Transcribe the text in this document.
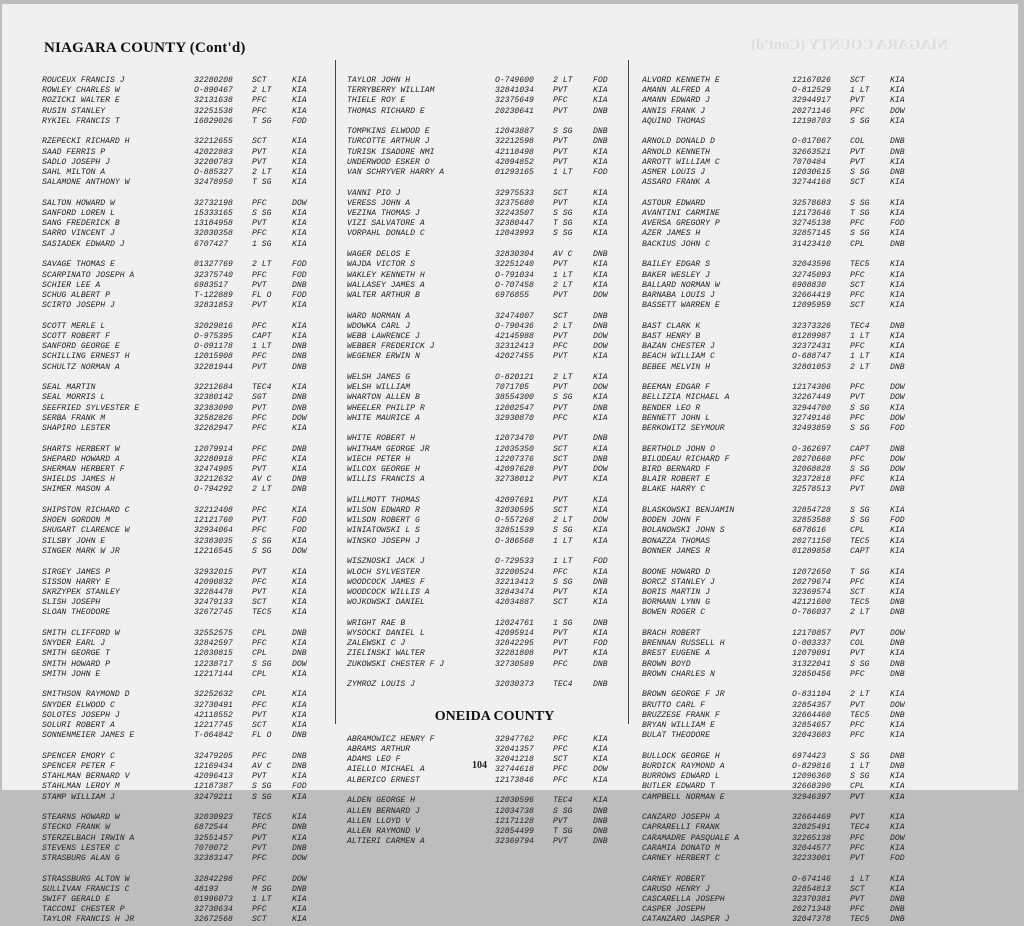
NIAGARA COUNTY (Cont'd)	NIAGARA COUNTY (Cont'd)
ROUCEUX FRANCIS J	32280208	SCT	KIA
ROWLEY CHARLES W	O-890467	2 LT	KIA
ROZICKI WALTER E	32131638	PFC	KIA
RUSIN STANLEY	32251538	PFC	KIA
RYKIEL FRANCIS T	16029026	T SG	FOD
RZEPECKI RICHARD H	32212655	SCT	KIA
SAAD FERRIS P	42022883	PVT	KIA
SADLO JOSEPH J	32200783	PVT	KIA
SAHL MILTON A	O-885327	2 LT	KIA
SALAMONE ANTHONY W	32478950	T SG	KIA
SALTON HOWARD W	32732198	PFC	DOW
SANFORD LOREN L	15333165	S SG	KIA
SANG FREDERICK B	13184958	PVT	KIA
SARRO VINCENT J	32030358	PFC	KIA
SASIADEK EDWARD J	6707427	1 SG	KIA
SAVAGE THOMAS E	01327769	2 LT	FOD
SCARPINATO JOSEPH A	32375740	PFC	FOD
SCHIER LEE A	6983517	PVT	DNB
SCHUG ALBERT P	T-122889	FL O	FOD
SCIRTO JOSEPH J	32831853	PVT	KIA
SCOTT MERLE L	32029816	PFC	KIA
SCOTT ROBERT F	O-975395	CAPT	KIA
SANFORD GEORGE E	O-091178	1 LT	DNB
SCHILLING ERNEST H	12015908	PFC	DNB
SCHULTZ NORMAN A	32281944	PVT	DNB
SEAL MARTIN	32212684	TEC4	KIA
SEAL MORRIS L	32380142	SGT	DNB
SEEFRIED SYLVESTER E	32383090	PVT	DNB
SERBA FRANK M	32582826	PFC	DOW
SHAPIRO LESTER	32282947	PFC	KIA
SHARTS HERBERT W	12079914	PFC	DNB
SHEPARD HOWARD A	32280918	PFC	KIA
SHERMAN HERBERT F	32474905	PVT	KIA
SHIELDS JAMES H	32212632	AV C	DNB
SHIMER MASON A	O-794292	2 LT	DNB
SHIPSTON RICHARD C	32212408	PFC	KIA
SHOEN GORDON M	12121760	PVT	FOD
SHUGART CLARENCE W	32934064	PFC	FOD
SILSBY JOHN E	32383035	S SG	KIA
SINGER MARK W JR	12216545	S SG	DOW
SIRGEY JAMES P	32932015	PVT	KIA
SISSON HARRY E	42090832	PFC	KIA
SKRZYPEK STANLEY	32284478	PVT	KIA
SLISH JOSEPH	32479133	SCT	KIA
SLOAN THEODORE	32672745	TEC5	KIA
SMITH CLIFFORD W	32552575	CPL	DNB
SNYDER EARL J	32842597	PFC	KIA
SMITH GEORGE T	12030815	CPL	DNB
SMITH HOWARD P	12238717	S SG	DOW
SMITH JOHN E	12217144	CPL	KIA
SMITHSON RAYMOND D	32252632	CPL	KIA
SNYDER ELWOOD C	32730491	PFC	KIA
SOLOTES JOSEPH J	42118552	PVT	KIA
SOLURI ROBERT A	12217745	SCT	KIA
SONNENMEIER JAMES E	T-064842	FL O	DNB
SPENCER EMORY C	32479205	PFC	DNB
SPENCER PETER F	12169434	AV C	DNB
STAHLMAN BERNARD V	42096413	PVT	KIA
STAHLMAN LEROY M	12187387	S SG	FOD
STAMP WILLIAM J	32479211	S SG	KIA
STEARNS HOWARD W	32030923	TEC5	KIA
STECKO FRANK W	6872544	PFC	DNB
STERZELBACH IRWIN A	32551457	PVT	KIA
STEVENS LESTER C	7070072	PVT	DNB
STRASBURG ALAN G	32383147	PFC	DOW
STRASSBURG ALTON W	32842298	PFC	DOW
SULLIVAN FRANCIS C	48193	M SG	DNB
SWIFT GERALD E	01996073	1 LT	KIA
TACCONI CHESTER P	32730634	PFC	KIA
TAYLOR FRANCIS H JR	32672568	SCT	KIA
TAYLOR JOHN H	O-749600	2 LT	FOD
TERRYBERRY WILLIAM	32841034	PVT	KIA
THIELE ROY E	32375649	PFC	KIA
THOMAS RICHARD E	20230641	PVT	DNB
TOMPKINS ELWOOD E	12043887	S SG	DNB
TURCOTTE ARTHUR J	32212598	PVT	DNB
TURISK ISADORE NMI	42118498	PVT	KIA
UNDERWOOD ESKER O	42094852	PVT	KIA
VAN SCHRYVER HARRY A	01293165	1 LT	FOD
VANNI PIO J	32975533	SCT	KIA
VERESS JOHN A	32375680	PVT	KIA
VEZINA THOMAS J	32243507	S SG	KIA
VIZI SALVATORE A	32380447	T SG	KIA
VORPAHL DONALD C	12043993	S SG	KIA
WAGER DELOS E	32830304	AV C	DNB
WAJDA VICTOR S	32251240	PVT	KIA
WAKLEY KENNETH H	O-791034	1 LT	KIA
WALLASEY JAMES A	O-707458	2 LT	KIA
WALTER ARTHUR B	6976855	PVT	DOW
WARD NORMAN A	32474007	SCT	DNB
WDOWKA CARL J	O-790436	2 LT	DNB
WEBB LAWRENCE J	42145988	PVT	DOW
WEBBER FREDERICK J	32312413	PFC	DOW
WEGENER ERWIN N	42027455	PVT	KIA
WELSH JAMES G	O-820121	2 LT	KIA
WELSH WILLIAM	7071705	PVT	DOW
WHARTON ALLEN B	38554300	S SG	KIA
WHEELER PHILIP R	12002547	PVT	DNB
WHITE MAURICE A	32930870	PFC	KIA
WHITE ROBERT H	12073470	PVT	DNB
WHITHAM GEORGE JR	12035350	SCT	KIA
WIECH PETER H	12207376	SCT	DNB
WILCOX GEORGE H	42097628	PVT	DOW
WILLIS FRANCIS A	32738012	PVT	KIA
WILLMOTT THOMAS	42097691	PVT	KIA
WILSON EDWARD R	32030595	SCT	KIA
WILSON ROBERT G	O-557268	2 LT	DOW
WINIATOWSKI L S	32851539	S SG	KIA
WINSKO JOSEPH J	O-386568	1 LT	KIA
WISZNOSKI JACK J	O-729533	1 LT	FOD
WLOCH SYLVESTER	32200524	PFC	KIA
WOODCOCK JAMES F	32213413	S SG	DNB
WOODCOCK WILLIS A	32843474	PVT	KIA
WOJKOWSKI DANIEL	42034887	SCT	KIA
WRIGHT RAE B	12024761	1 SG	DNB
WYSOCKI DANIEL L	42095914	PVT	KIA
ZALEWSKI C J	32842295	PVT	FOD
ZIELINSKI WALTER	32281808	PVT	KIA
ZUKOWSKI CHESTER F J	32730589	PFC	DNB
ZYMROZ LOUIS J	32030373	TEC4	DNB
ONEIDA COUNTY
ABRAMOWICZ HENRY F	32947762	PFC	KIA
ABRAMS ARTHUR	32041357	PFC	KIA
ADAMS LEO F	32041218	SCT	KIA
AIELLO MICHAEL A	32744618	PFC	DOW
ALBERICO ERNEST	12173846	PFC	KIA
ALDEN GEORGE H	12030596	TEC4	KIA
ALLEN BERNARD J	12034738	S SG	DNB
ALLEN LLOYD V	12171128	PVT	DNB
ALLEN RAYMOND V	32854499	T SG	DNB
ALTIERI CARMEN A	32369794	PVT	DNB
ALVORD KENNETH E	12167026	SCT	KIA
AMANN ALFRED A	O-812529	1 LT	KIA
AMANN EDWARD J	32944917	PVT	KIA
ANNIS FRANK J	20271146	PFC	DOW
AQUINO THOMAS	12198703	S SG	KIA
ARNOLD DONALD D	O-017067	COL	DNB
ARNOLD KENNETH	32663521	PVT	DNB
ARROTT WILLIAM C	7070484	PVT	KIA
ASMER LOUIS J	12030615	S SG	DNB
ASSARO FRANK A	32744168	SCT	KIA
ASTOUR EDWARD	32578683	S SG	KIA
AVANTINI CARMINE	12173646	T SG	KIA
AVERSA GREGORY P	32745138	PFC	FOD
AZER JAMES H	32857145	S SG	KIA
BACKIUS JOHN C	31423410	CPL	DNB
BAILEY EDGAR S	32043596	TEC5	KIA
BAKER WESLEY J	32745093	PFC	KIA
BALLARD NORMAN W	6908830	SCT	KIA
BARNABA LOUIS J	32664419	PFC	KIA
BASSETT WARREN E	12095959	SCT	KIA
BAST CLARK K	32373326	TEC4	DNB
BAST HENRY B	01289987	1 LT	KIA
BAZAN CHESTER J	32372431	PFC	KIA
BEACH WILLIAM C	O-688747	1 LT	KIA
BEBEE MELVIN H	32801053	2 LT	DNB
BEEMAN EDGAR F	12174306	PFC	DOW
BELLIZIA MICHAEL A	32267449	PVT	DOW
BENDER LEO R	32944700	S SG	KIA
BENNETT JOHN L	32749146	PFC	DOW
BERKOWITZ SEYMOUR	32493859	S SG	FOD
BERTHOLD JOHN O	O-362697	CAPT	DNB
BILODEAU RICHARD F	20270660	PFC	DOW
BIRD BERNARD F	32068828	S SG	DOW
BLAIR ROBERT E	32372818	PFC	KIA
BLAKE HARRY C	32578513	PVT	DNB
BLASKOWSKI BENJAMIN	32854728	S SG	KIA
BODEN JOHN F	32853588	S SG	FOD
BOLANOWSKI JOHN S	6878616	CPL	KIA
BONAZZA THOMAS	20271150	TEC5	KIA
BONNER JAMES R	01289858	CAPT	KIA
BOONE HOWARD D	12072650	T SG	KIA
BORCZ STANLEY J	20279674	PFC	KIA
BORIS MARTIN J	32369574	SCT	KIA
BORMANN LYNN G	42121600	TEC5	DNB
BOWEN ROGER C	O-786037	2 LT	DNB
BRACH ROBERT	12170857	PVT	DOW
BRENNAN RUSSELL H	O-003337	COL	DNB
BREST EUGENE A	12079091	PVT	KIA
BROWN BOYD	31322041	S SG	DNB
BROWN CHARLES N	32850456	PFC	DNB
BROWN GEORGE F JR	O-831104	2 LT	KIA
BRUTTO CARL F	32854357	PVT	DOW
BRUZZESE FRANK F	32664460	TEC5	DNB
BRYAN WILLIAM E	32854657	PFC	KIA
BULAT THEODORE	32043603	PFC	KIA
BULLOCK GEORGE H	6974423	S SG	DNB
BURDICK RAYMOND A	O-829816	1 LT	DNB
BURROWS EDWARD L	12096360	S SG	KIA
BUTLER EDWARD T	32668390	CPL	KIA
CAMPBELL NORMAN E	32946397	PVT	KIA
CANZARO JOSEPH A	32664469	PVT	KIA
CAPRARELLI FRANK	32025491	TEC4	KIA
CARAMADRE PASQUALE A	32265138	PFC	DOW
CARAMIA DONATO M	32044577	PFC	KIA
CARNEY HERBERT C	32233001	PVT	FOD
CARNEY ROBERT	O-674146	1 LT	KIA
CARUSO HENRY J	32854813	SCT	KIA
CASCARELLA JOSEPH	32370381	PVT	DNB
CASPER JOSEPH	20271348	PFC	DNB
CATANZARO JASPER J	32047378	TEC5	DNB
104
